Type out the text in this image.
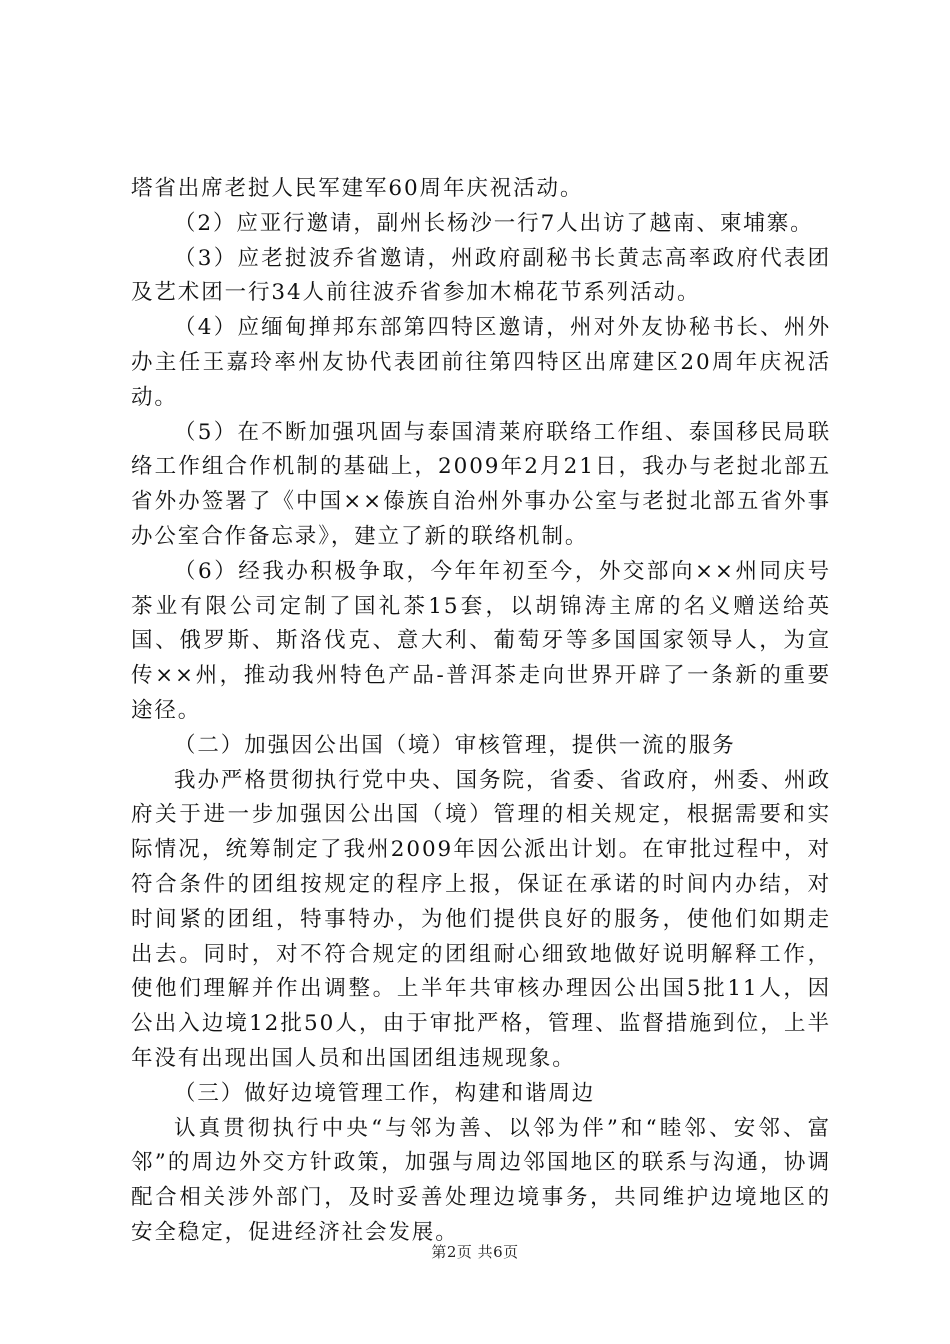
塔省出席老挝人民军建军60周年庆祝活动。

（2）应亚行邀请，副州长杨沙一行7人出访了越南、柬埔寨。

（3）应老挝波乔省邀请，州政府副秘书长黄志高率政府代表团及艺术团一行34人前往波乔省参加木棉花节系列活动。

（4）应缅甸掸邦东部第四特区邀请，州对外友协秘书长、州外办主任王嘉玲率州友协代表团前往第四特区出席建区20周年庆祝活动。

（5）在不断加强巩固与泰国清莱府联络工作组、泰国移民局联络工作组合作机制的基础上，2009年2月21日，我办与老挝北部五省外办签署了《中国××傣族自治州外事办公室与老挝北部五省外事办公室合作备忘录》，建立了新的联络机制。

（6）经我办积极争取，今年年初至今，外交部向××州同庆号茶业有限公司定制了国礼茶15套，以胡锦涛主席的名义赠送给英国、俄罗斯、斯洛伐克、意大利、葡萄牙等多国国家领导人，为宣传××州，推动我州特色产品-普洱茶走向世界开辟了一条新的重要途径。

（二）加强因公出国（境）审核管理，提供一流的服务

我办严格贯彻执行党中央、国务院，省委、省政府，州委、州政府关于进一步加强因公出国（境）管理的相关规定，根据需要和实际情况，统筹制定了我州2009年因公派出计划。在审批过程中，对符合条件的团组按规定的程序上报，保证在承诺的时间内办结，对时间紧的团组，特事特办，为他们提供良好的服务，使他们如期走出去。同时，对不符合规定的团组耐心细致地做好说明解释工作，使他们理解并作出调整。上半年共审核办理因公出国5批11人，因公出入边境12批50人，由于审批严格，管理、监督措施到位，上半年没有出现出国人员和出国团组违规现象。

（三）做好边境管理工作，构建和谐周边

认真贯彻执行中央“与邻为善、以邻为伴”和“睦邻、安邻、富邻”的周边外交方针政策，加强与周边邻国地区的联系与沟通，协调配合相关涉外部门，及时妥善处理边境事务，共同维护边境地区的安全稳定，促进经济社会发展。

第2页 共6页
